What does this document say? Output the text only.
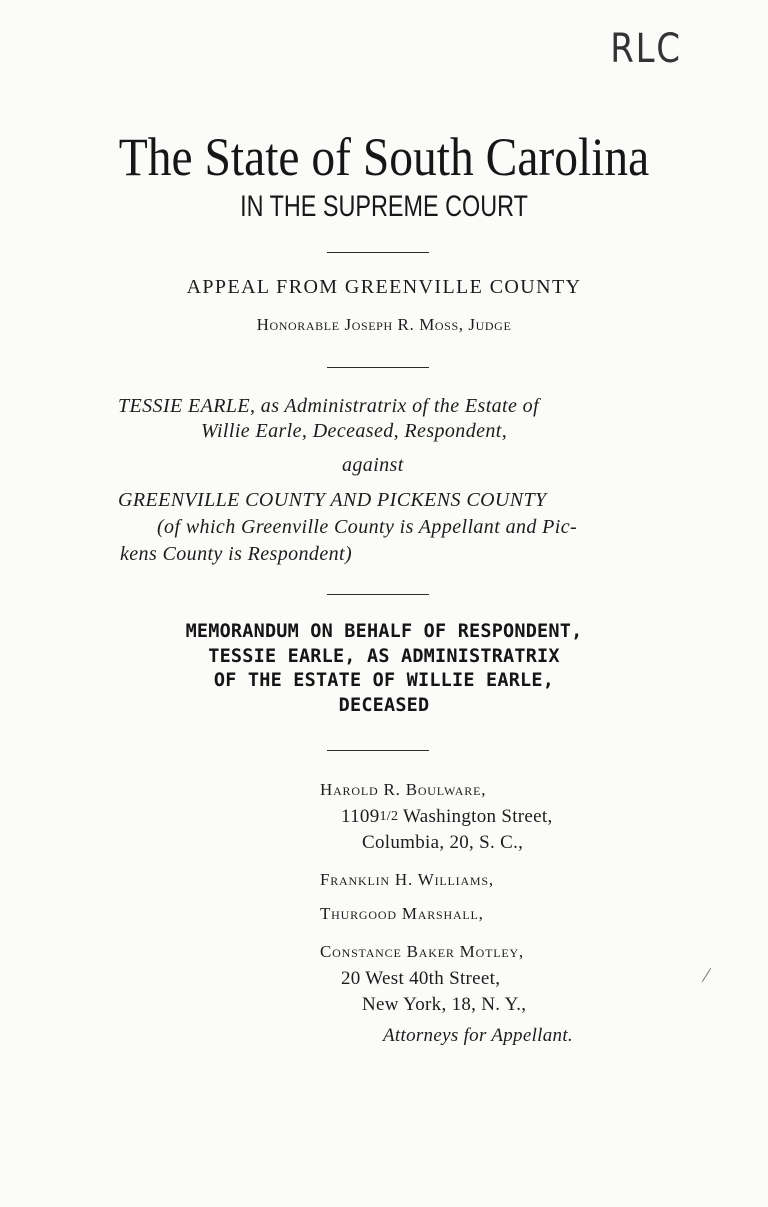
RLC
The State of South Carolina
IN THE SUPREME COURT
APPEAL FROM GREENVILLE COUNTY
Honorable Joseph R. Moss, Judge
TESSIE EARLE, as Administratrix of the Estate of
Willie Earle, Deceased, Respondent,
against
GREENVILLE COUNTY AND PICKENS COUNTY
(of which Greenville County is Appellant and Pic-
kens County is Respondent)
MEMORANDUM ON BEHALF OF RESPONDENT,
TESSIE EARLE, AS ADMINISTRATRIX
OF THE ESTATE OF WILLIE EARLE,
DECEASED
Harold R. Boulware,
11091/2 Washington Street,
Columbia, 20, S. C.,
Franklin H. Williams,
Thurgood Marshall,
Constance Baker Motley,
20 West 40th Street,
New York, 18, N. Y.,
Attorneys for Appellant.
